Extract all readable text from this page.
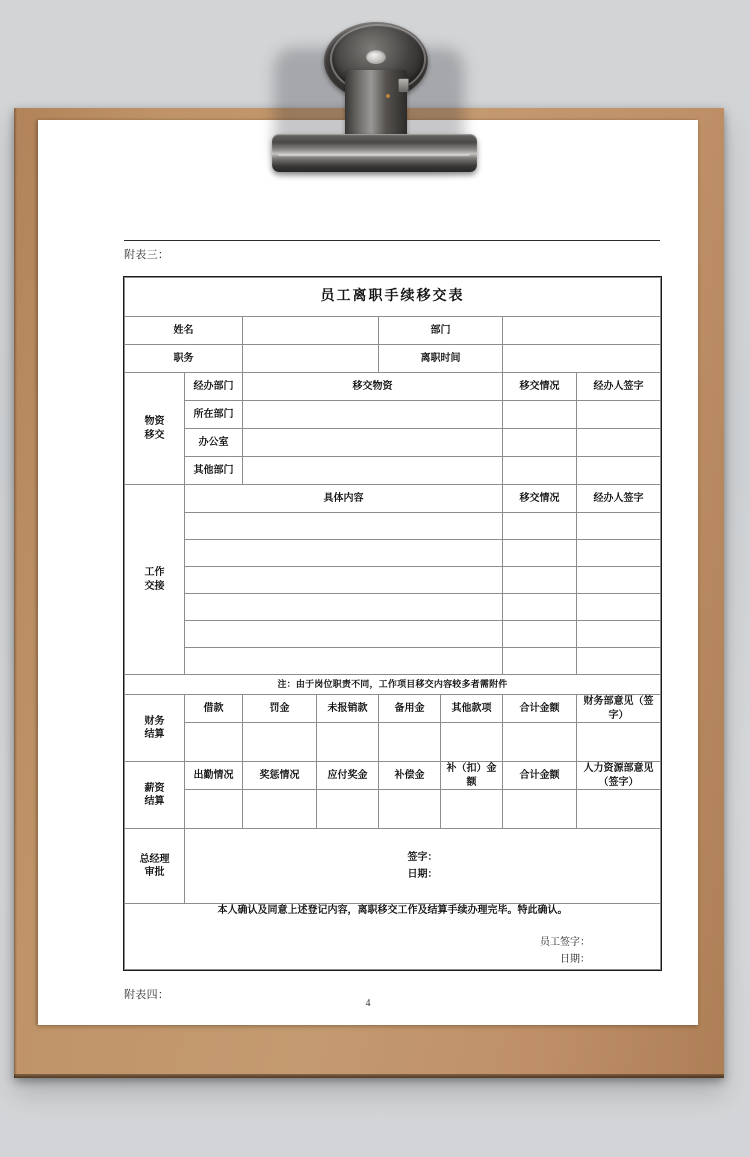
附表三：
员工离职手续移交表							
姓名				部门			
职务				离职时间			

物资
移交	经办部门	移交物资				移交情况	经办人签字
	所在部门						
	办公室						
	其他部门						

工作
交接	具体内容					移交情况	经办人签字

注：由于岗位职责不同，工作项目移交内容较多者需附件							

财务
结算	借款	罚金	未报销款	备用金	其他款项	合计金额	财务部意见（签字）

薪资
结算	出勤情况	奖惩情况	应付奖金	补偿金	补（扣）金额	合计金额	人力资源部意见（签字）

总经理
审批

签字：
日期：

本人确认及同意上述登记内容，离职移交工作及结算手续办理完毕。特此确认。
员工签字：
日期：							
附表四：
4
